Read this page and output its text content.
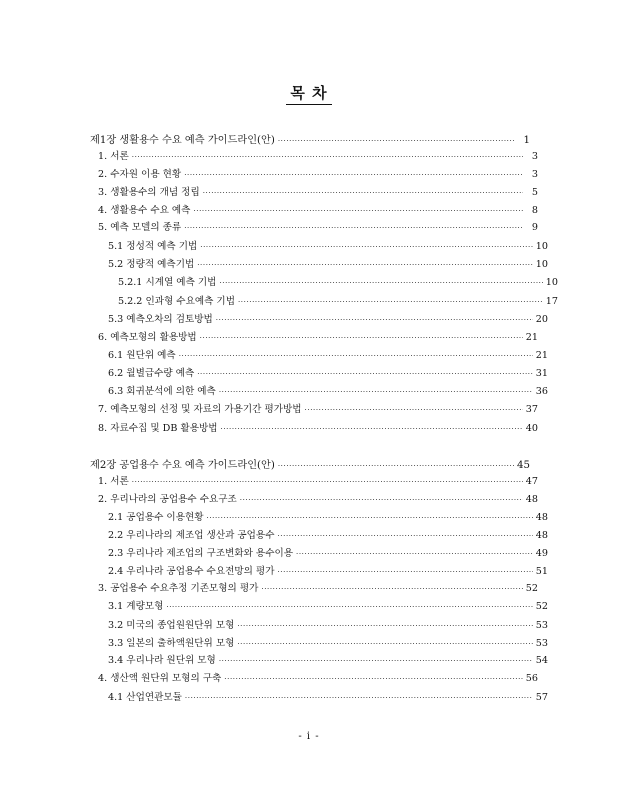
목 차
제1장 생활용수 수요 예측 가이드라인(안) ·····	1
1. 서론 ·····	3
2. 수자원 이용 현황 ·····	3
3. 생활용수의 개념 정립 ·····	5
4. 생활용수 수요 예측 ·····	8
5. 예측 모델의 종류 ·····	9
5.1 정성적 예측 기법 ·····	10
5.2 정량적 예측기법 ·····	10
5.2.1 시계열 예측 기법 ·····	10
5.2.2 인과형 수요예측 기법 ·····	17
5.3 예측오차의 검토방법 ·····	20
6. 예측모형의 활용방법 ·····	21
6.1 원단위 예측 ·····	21
6.2 월별급수량 예측 ·····	31
6.3 회귀분석에 의한 예측 ·····	36
7. 예측모형의 선정 및 자료의 가용기간 평가방법 ·····	37
8. 자료수집 및 DB 활용방법 ·····	40
제2장 공업용수 수요 예측 가이드라인(안) ·····	45
1. 서론 ·····	47
2. 우리나라의 공업용수 수요구조 ·····	48
2.1 공업용수 이용현황 ·····	48
2.2 우리나라의 제조업 생산과 공업용수 ·····	48
2.3 우리나라 제조업의 구조변화와 용수이용 ·····	49
2.4 우리나라 공업용수 수요전망의 평가 ·····	51
3. 공업용수 수요추정 기존모형의 평가 ·····	52
3.1 계량모형 ·····	52
3.2 미국의 종업원원단위 모형 ·····	53
3.3 일본의 출하액원단위 모형 ·····	53
3.4 우리나라 원단위 모형 ·····	54
4. 생산액 원단위 모형의 구축 ·····	56
4.1 산업연관모듈 ·····	57
- i -
